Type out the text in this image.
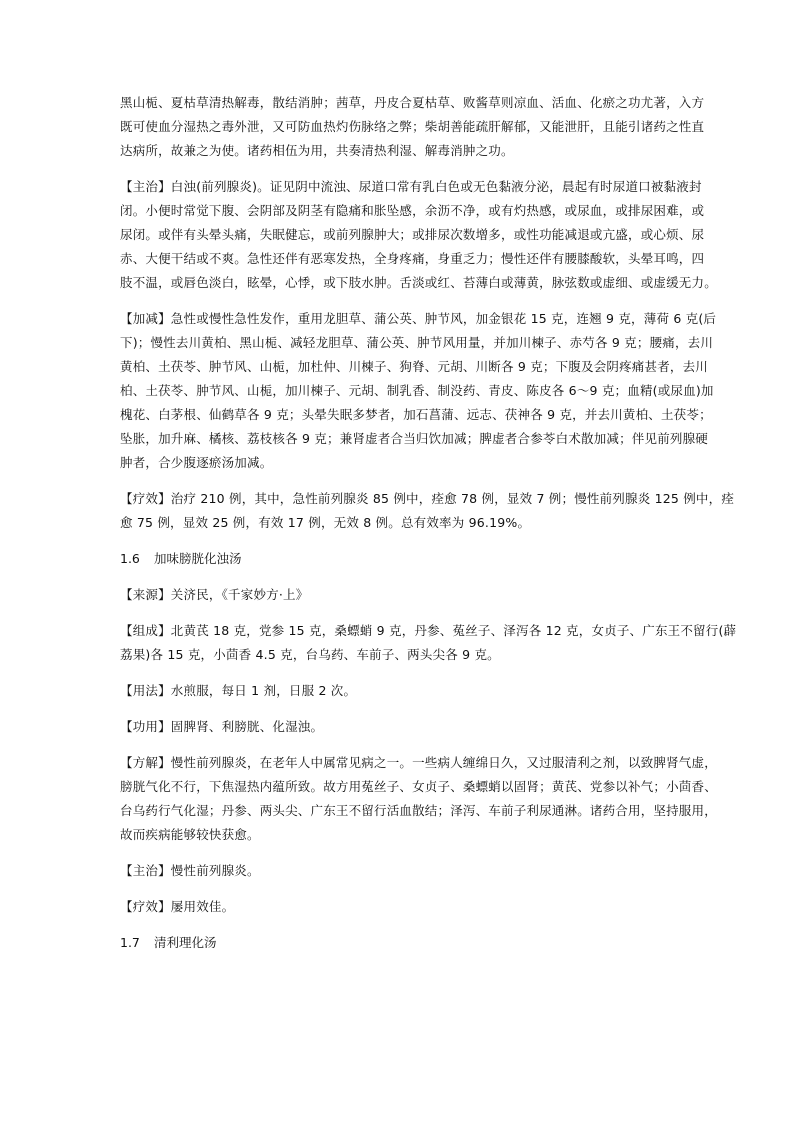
黑山栀、夏枯草清热解毒，散结消肿；茜草，丹皮合夏枯草、败酱草则凉血、活血、化瘀之功尤著，入方
既可使血分湿热之毒外泄，又可防血热灼伤脉络之弊；柴胡善能疏肝解郁，又能泄肝，且能引诸药之性直
达病所，故兼之为使。诸药相伍为用，共奏清热利湿、解毒消肿之功。
【主治】白浊(前列腺炎)。证见阴中流浊、尿道口常有乳白色或无色黏液分泌，晨起有时尿道口被黏液封
闭。小便时常觉下腹、会阴部及阴茎有隐痛和胀坠感，余沥不净，或有灼热感，或尿血，或排尿困难，或
尿闭。或伴有头晕头痛，失眠健忘，或前列腺肿大；或排尿次数增多，或性功能减退或亢盛，或心烦、尿
赤、大便干结或不爽。急性还伴有恶寒发热，全身疼痛，身重乏力；慢性还伴有腰膝酸软，头晕耳鸣，四
肢不温，或唇色淡白，眩晕，心悸，或下肢水肿。舌淡或红、苔薄白或薄黄，脉弦数或虚细、或虚缓无力。
【加减】急性或慢性急性发作，重用龙胆草、蒲公英、肿节风，加金银花 15 克，连翘 9 克，薄荷 6 克(后
下)；慢性去川黄柏、黑山栀、减轻龙胆草、蒲公英、肿节风用量，并加川楝子、赤芍各 9 克；腰痛，去川
黄柏、土茯苓、肿节风、山栀，加杜仲、川楝子、狗脊、元胡、川断各 9 克；下腹及会阴疼痛甚者，去川
柏、土茯苓、肿节风、山栀，加川楝子、元胡、制乳香、制没药、青皮、陈皮各 6～9 克；血精(或尿血)加
槐花、白茅根、仙鹤草各 9 克；头晕失眠多梦者，加石菖蒲、远志、茯神各 9 克，并去川黄柏、土茯苓；
坠胀，加升麻、橘核、荔枝核各 9 克；兼肾虚者合当归饮加减；脾虚者合参苓白术散加减；伴见前列腺硬
肿者，合少腹逐瘀汤加减。
【疗效】治疗 210 例，其中，急性前列腺炎 85 例中，痊愈 78 例，显效 7 例；慢性前列腺炎 125 例中，痊
愈 75 例，显效 25 例，有效 17 例，无效 8 例。总有效率为 96.19%。
1.6 加味膀胱化浊汤
【来源】关济民，《千家妙方·上》
【组成】北黄芪 18 克，党参 15 克，桑螵蛸 9 克，丹参、菟丝子、泽泻各 12 克，女贞子、广东王不留行(薜
荔果)各 15 克，小茴香 4.5 克，台乌药、车前子、两头尖各 9 克。
【用法】水煎服，每日 1 剂，日服 2 次。
【功用】固脾肾、利膀胱、化湿浊。
【方解】慢性前列腺炎，在老年人中属常见病之一。一些病人缠绵日久，又过服清利之剂，以致脾肾气虚，
膀胱气化不行，下焦湿热内蕴所致。故方用菟丝子、女贞子、桑螵蛸以固肾；黄芪、党参以补气；小茴香、
台乌药行气化湿；丹参、两头尖、广东王不留行活血散结；泽泻、车前子利尿通淋。诸药合用，坚持服用，
故而疾病能够较快获愈。
【主治】慢性前列腺炎。
【疗效】屡用效佳。
1.7 清利理化汤
